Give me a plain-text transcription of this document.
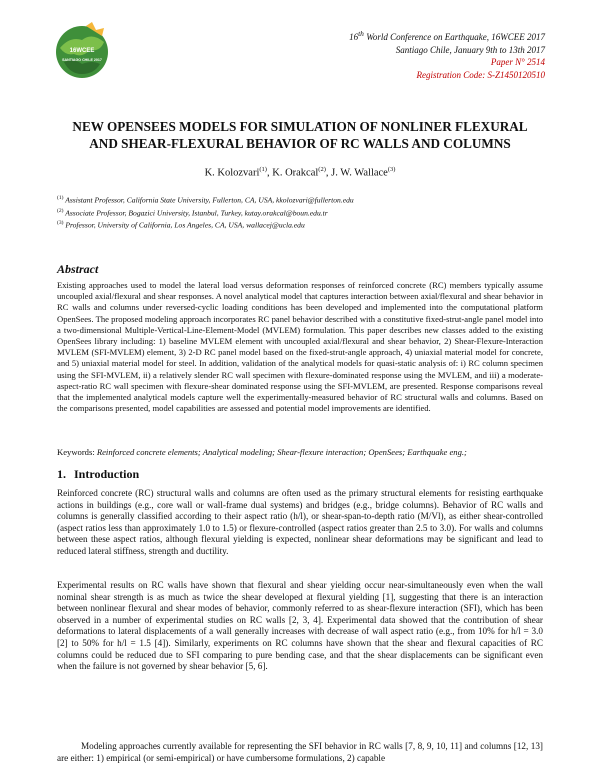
16WCEE
SANTIAGO CHILE 2017
16th World Conference on Earthquake, 16WCEE 2017
Santiago Chile, January 9th to 13th 2017
Paper N° 2514
Registration Code: S-Z1450120510
NEW OPENSEES MODELS FOR SIMULATION OF NONLINER FLEXURAL
AND SHEAR-FLEXURAL BEHAVIOR OF RC WALLS AND COLUMNS
K. Kolozvari$^{(1)}$, K. Orakcal$^{(2)}$, J. W. Wallace$^{(3)}$
$^{(1)}$ Assistant Professor, California State University, Fullerton, CA, USA, kkolozvari@fullerton.edu
$^{(2)}$ Associate Professor, Bogazici University, Istanbul, Turkey, kutay.orakcal@boun.edu.tr
$^{(3)}$ Professor, University of California, Los Angeles, CA, USA, wallacej@ucla.edu
Abstract

Existing approaches used to model the lateral load versus deformation responses of reinforced concrete (RC) members typically assume uncoupled axial/flexural and shear responses. A novel analytical model that captures interaction between axial/flexural and shear behavior in RC walls and columns under reversed-cyclic loading conditions has been developed and implemented into the computational platform OpenSees. The proposed modeling approach incorporates RC panel behavior described with a constitutive fixed-strut-angle panel model into a two-dimensional Multiple-Vertical-Line-Element-Model (MVLEM) formulation. This paper describes new classes added to the existing OpenSees library including: 1) baseline MVLEM element with uncoupled axial/flexural and shear behavior, 2) Shear-Flexure-Interaction MVLEM (SFI-MVLEM) element, 3) 2-D RC panel model based on the fixed-strut-angle approach, 4) uniaxial material model for concrete, and 5) uniaxial material model for steel. In addition, validation of the analytical models for quasi-static analysis of: i) RC column specimen using the SFI-MVLEM, ii) a relatively slender RC wall specimen with flexure-dominated response using the MVLEM, and iii) a moderate-aspect-ratio RC wall specimen with flexure-shear dominated response using the SFI-MVLEM, are presented. Response comparisons reveal that the implemented analytical models capture well the experimentally-measured behavior of RC structural walls and columns. Based on the comparisons presented, model capabilities are assessed and potential model improvements are identified.

Keywords: Reinforced concrete elements; Analytical modeling; Shear-flexure interaction; OpenSees; Earthquake eng.;

1. Introduction

Reinforced concrete (RC) structural walls and columns are often used as the primary structural elements for resisting earthquake actions in buildings (e.g., core wall or wall-frame dual systems) and bridges (e.g., bridge columns). Behavior of RC walls and columns is generally classified according to their aspect ratio (h/l), or shear-span-to-depth ratio (M/Vl), as either shear-controlled (aspect ratios less than approximately 1.0 to 1.5) or flexure-controlled (aspect ratios greater than 2.5 to 3.0). For walls and columns between these aspect ratios, although flexural yielding is expected, nonlinear shear deformations may be significant and lead to reduced lateral stiffness, strength and ductility.

Experimental results on RC walls have shown that flexural and shear yielding occur near-simultaneously even when the wall nominal shear strength is as much as twice the shear developed at flexural yielding [1], suggesting that there is an interaction between nonlinear flexural and shear modes of behavior, commonly referred to as shear-flexure interaction (SFI), which has been observed in a number of experimental studies on RC walls [2, 3, 4]. Experimental data showed that the contribution of shear deformations to lateral displacements of a wall generally increases with decrease of wall aspect ratio (e.g., from 10% for h/l = 3.0 [2] to 50% for h/l = 1.5 [4]). Similarly, experiments on RC columns have shown that the shear and flexural capacities of RC columns could be reduced due to SFI comparing to pure bending case, and that the shear displacements can be significant even when the failure is not governed by shear behavior [5, 6].

Modeling approaches currently available for representing the SFI behavior in RC walls [7, 8, 9, 10, 11] and columns [12, 13] are either: 1) empirical (or semi-empirical) or have cumbersome formulations, 2) capable
